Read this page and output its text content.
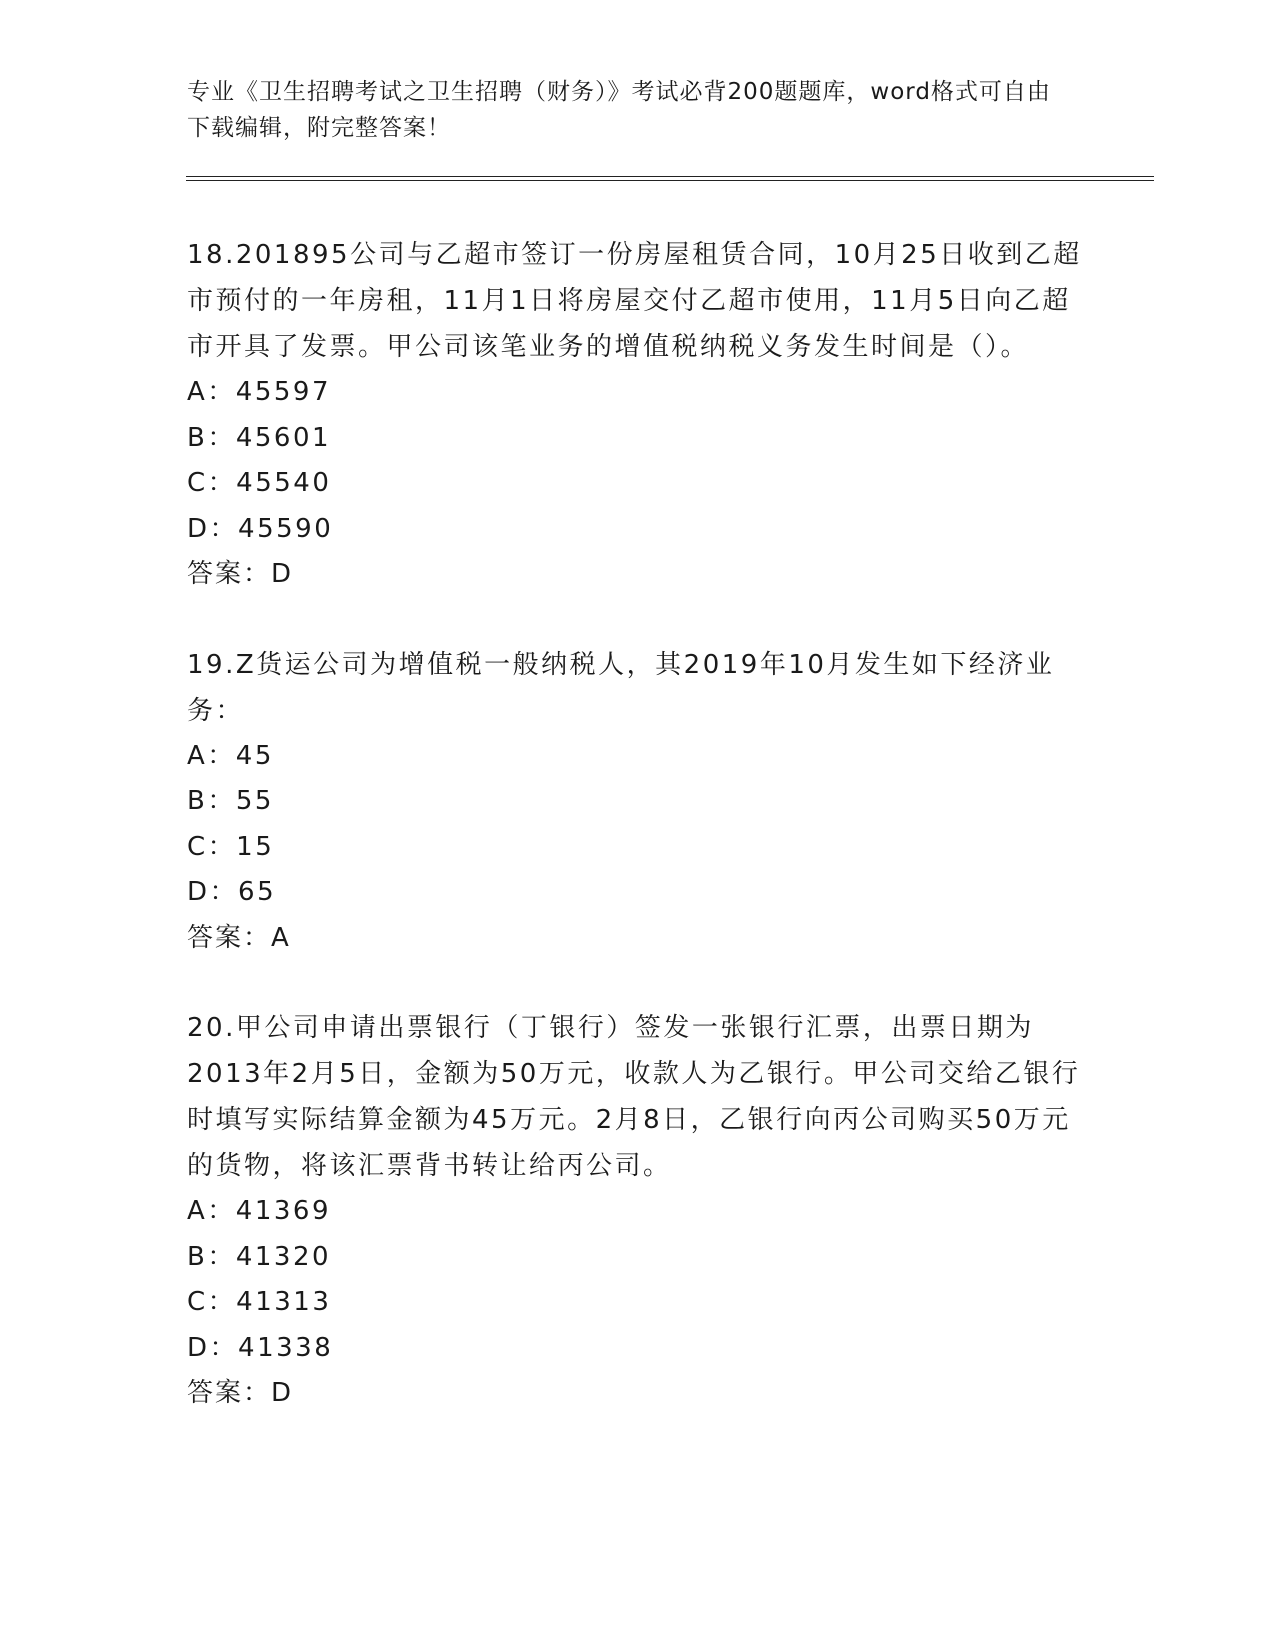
专业《卫生招聘考试之卫生招聘（财务）》考试必背200题题库，word格式可自由下载编辑，附完整答案！

18.201895公司与乙超市签订一份房屋租赁合同，10月25日收到乙超市预付的一年房租，11月1日将房屋交付乙超市使用，11月5日向乙超市开具了发票。甲公司该笔业务的增值税纳税义务发生时间是（）。

A：45597

B：45601

C：45540

D：45590

答案：D

19.Z货运公司为增值税一般纳税人，其2019年10月发生如下经济业务：

A：45

B：55

C：15

D：65

答案：A

20.甲公司申请出票银行（丁银行）签发一张银行汇票，出票日期为2013年2月5日，金额为50万元，收款人为乙银行。甲公司交给乙银行时填写实际结算金额为45万元。2月8日，乙银行向丙公司购买50万元的货物，将该汇票背书转让给丙公司。

A：41369

B：41320

C：41313

D：41338

答案：D
